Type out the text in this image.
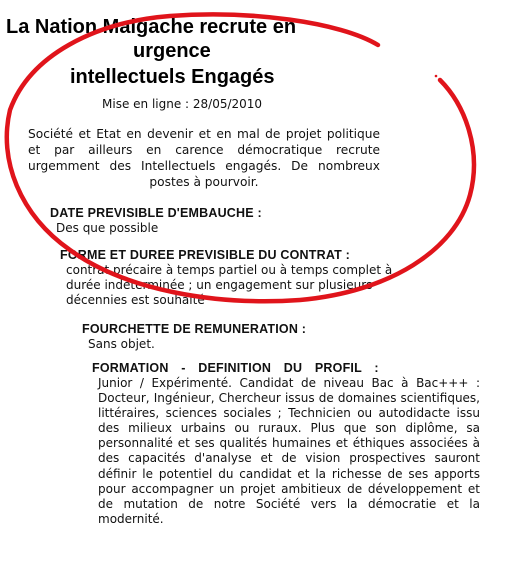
La Nation Malgache recrute en
urgence
intellectuels Engagés
Mise en ligne : 28/05/2010
Société et Etat en devenir et en mal de projet politique et par ailleurs en carence démocratique recrute urgemment des Intellectuels engagés. De nombreux postes à pourvoir.
DATE PREVISIBLE D'EMBAUCHE :
Des que possible
FORME ET DUREE PREVISIBLE DU CONTRAT :
contrat précaire à temps partiel ou à temps complet à durée indéterminée ; un engagement sur plusieurs décennies est souhaité
FOURCHETTE DE REMUNERATION :
Sans objet.
FORMATION - DEFINITION DU PROFIL :
Junior / Expérimenté. Candidat de niveau Bac à Bac+++ : Docteur, Ingénieur, Chercheur issus de domaines scientifiques, littéraires, sciences sociales ; Technicien ou autodidacte issu des milieux urbains ou ruraux. Plus que son diplôme, sa personnalité et ses qualités humaines et éthiques associées à des capacités d'analyse et de vision prospectives sauront définir le potentiel du candidat et la richesse de ses apports pour accompagner un projet ambitieux de développement et de mutation de notre Société vers la démocratie et la modernité.
